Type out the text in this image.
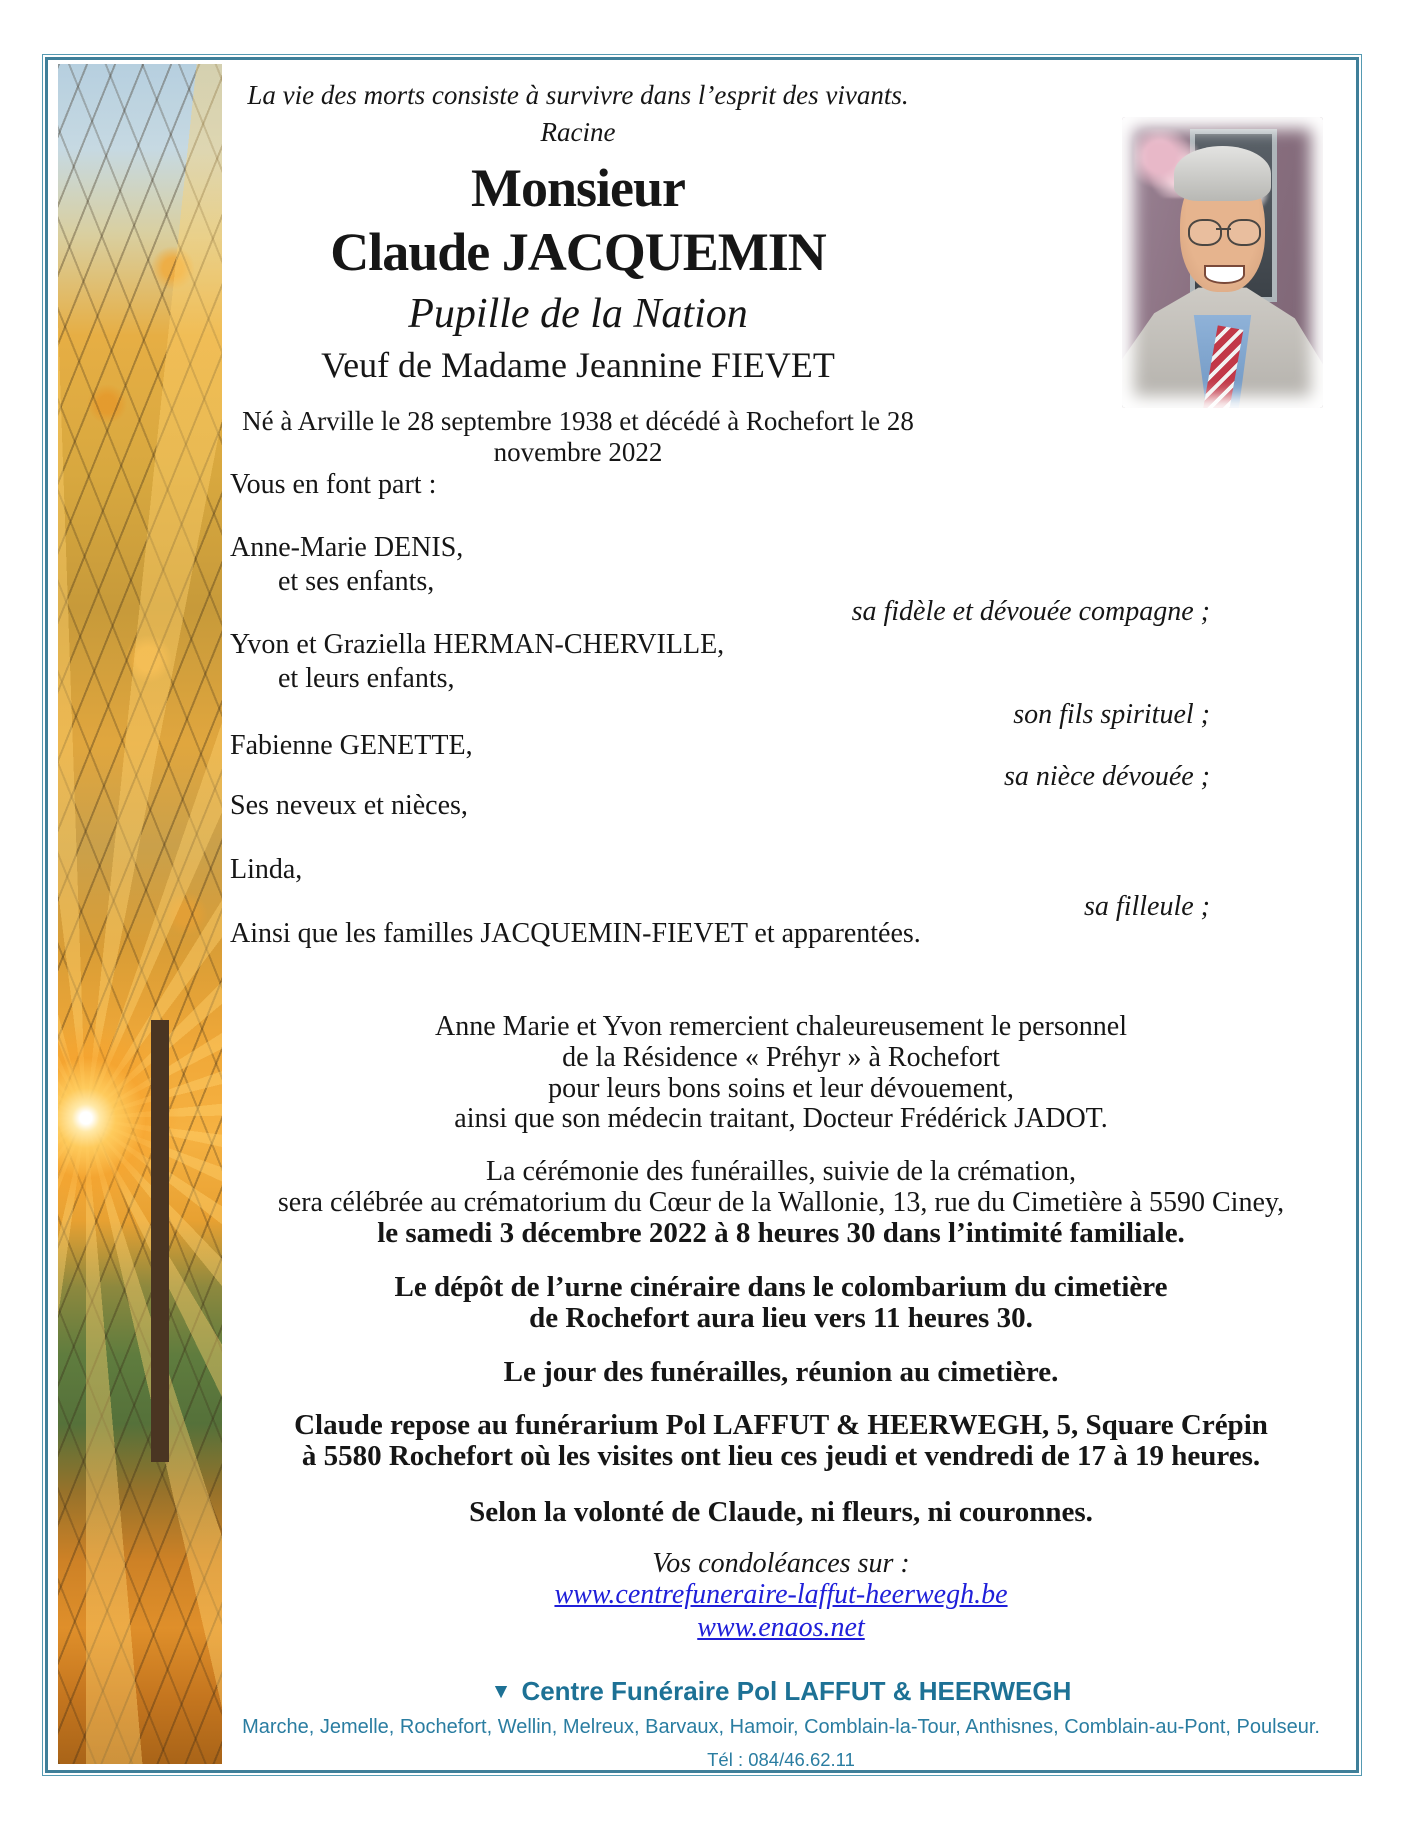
La vie des morts consiste à survivre dans l’esprit des vivants.
Racine
Monsieur
Claude JACQUEMIN
Pupille de la Nation
Veuf de Madame Jeannine FIEVET
Né à Arville le 28 septembre 1938 et décédé à Rochefort le 28 novembre 2022
Vous en font part :
Anne-Marie DENIS,
et ses enfants,
sa fidèle et dévouée compagne ;
Yvon et Graziella HERMAN-CHERVILLE,
et leurs enfants,
son fils spirituel ;
Fabienne GENETTE,
sa nièce dévouée ;
Ses neveux et nièces,
Linda,
sa filleule ;
Ainsi que les familles JACQUEMIN-FIEVET et apparentées.
Anne Marie et Yvon remercient chaleureusement le personnel
de la Résidence « Préhyr » à Rochefort
pour leurs bons soins et leur dévouement,
ainsi que son médecin traitant, Docteur Frédérick JADOT.
La cérémonie des funérailles, suivie de la crémation,
sera célébrée au crématorium du Cœur de la Wallonie, 13, rue du Cimetière à 5590 Ciney,
le samedi 3 décembre 2022 à 8 heures 30 dans l’intimité familiale.
Le dépôt de l’urne cinéraire dans le colombarium du cimetière
de Rochefort aura lieu vers 11 heures 30.
Le jour des funérailles, réunion au cimetière.
Claude repose au funérarium Pol LAFFUT & HEERWEGH, 5, Square Crépin
à 5580 Rochefort où les visites ont lieu ces jeudi et vendredi de 17 à 19 heures.
Selon la volonté de Claude, ni fleurs, ni couronnes.
Vos condoléances sur :
www.centrefuneraire-laffut-heerwegh.be
www.enaos.net
▼ Centre Funéraire Pol LAFFUT & HEERWEGH
Marche, Jemelle, Rochefort, Wellin, Melreux, Barvaux, Hamoir, Comblain-la-Tour, Anthisnes, Comblain-au-Pont, Poulseur.
Tél : 084/46.62.11
